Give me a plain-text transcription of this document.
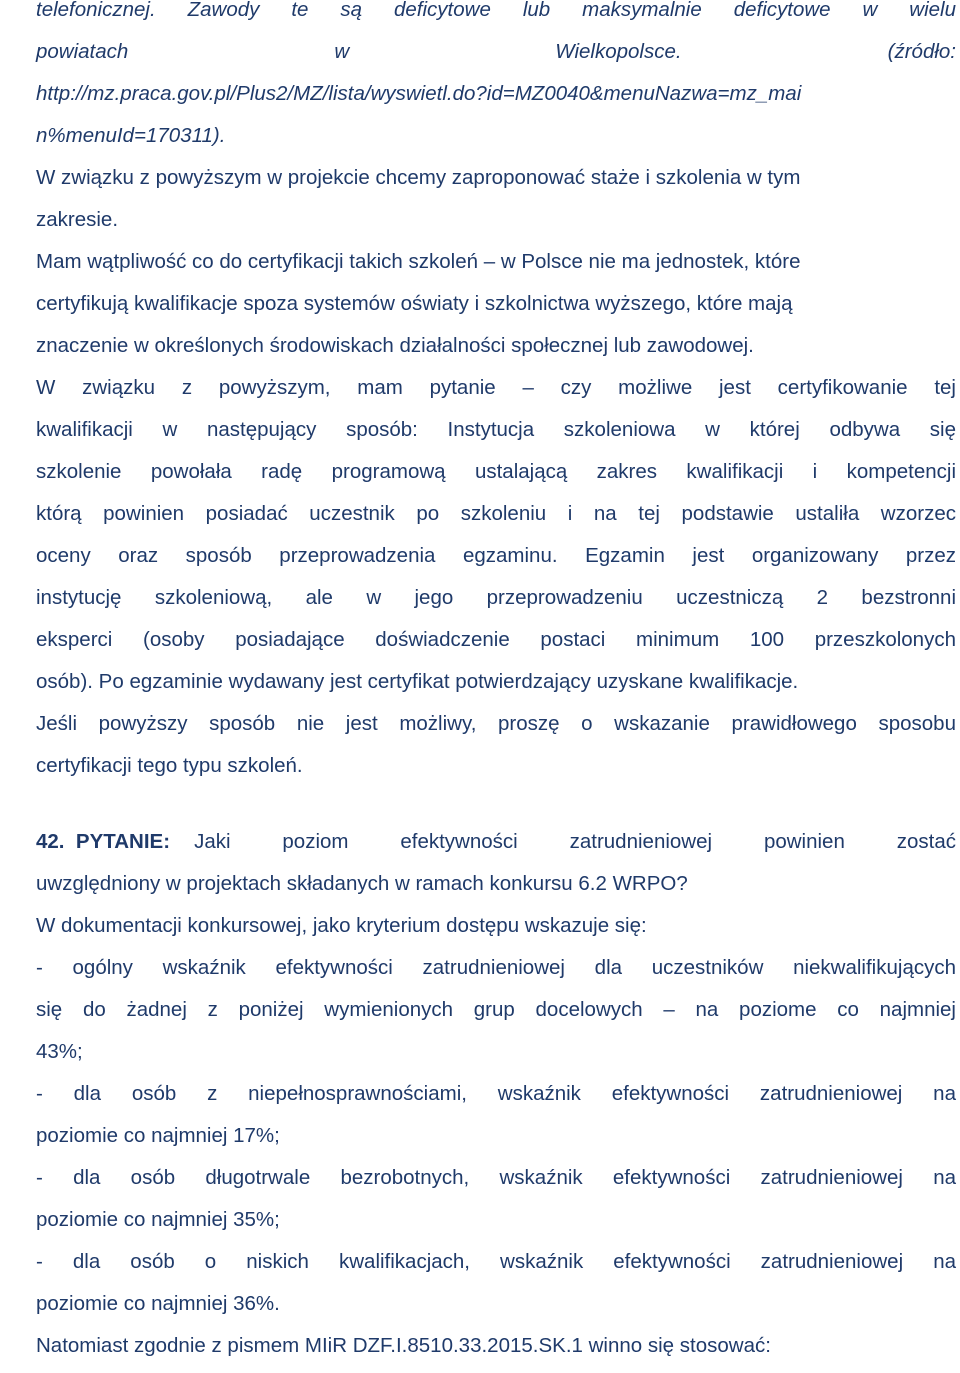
telefonicznej. Zawody te są deficytowe lub maksymalnie deficytowe w wielu
powiatach w Wielkopolsce. (źródło:
http://mz.praca.gov.pl/Plus2/MZ/lista/wyswietl.do?id=MZ0040&menuNazwa=mz_mai
n%menuId=170311).
W związku z powyższym w projekcie chcemy zaproponować staże i szkolenia w tym
zakresie.
Mam wątpliwość co do certyfikacji takich szkoleń – w Polsce nie ma jednostek, które
certyfikują kwalifikacje spoza systemów oświaty i szkolnictwa wyższego, które mają
znaczenie w określonych środowiskach działalności społecznej lub zawodowej.
W związku z powyższym, mam pytanie – czy możliwe jest certyfikowanie tej
kwalifikacji w następujący sposób: Instytucja szkoleniowa w której odbywa się
szkolenie powołała radę programową ustalającą zakres kwalifikacji i kompetencji
którą powinien posiadać uczestnik po szkoleniu i na tej podstawie ustaliła wzorzec
oceny oraz sposób przeprowadzenia egzaminu. Egzamin jest organizowany przez
instytucję szkoleniową, ale w jego przeprowadzeniu uczestniczą 2 bezstronni
eksperci (osoby posiadające doświadczenie postaci minimum 100 przeszkolonych
osób). Po egzaminie wydawany jest certyfikat potwierdzający uzyskane kwalifikacje.
Jeśli powyższy sposób nie jest możliwy, proszę o wskazanie prawidłowego sposobu
certyfikacji tego typu szkoleń.
42. PYTANIE: Jaki poziom efektywności zatrudnieniowej powinien zostać
uwzględniony w projektach składanych w ramach konkursu 6.2 WRPO?
W dokumentacji konkursowej, jako kryterium dostępu wskazuje się:
- ogólny wskaźnik efektywności zatrudnieniowej dla uczestników niekwalifikujących
się do żadnej z poniżej wymienionych grup docelowych – na poziome co najmniej
43%;
- dla osób z niepełnosprawnościami, wskaźnik efektywności zatrudnieniowej na
poziomie co najmniej 17%;
- dla osób długotrwale bezrobotnych, wskaźnik efektywności zatrudnieniowej na
poziomie co najmniej 35%;
- dla osób o niskich kwalifikacjach, wskaźnik efektywności zatrudnieniowej na
poziomie co najmniej 36%.
Natomiast zgodnie z pismem MIiR DZF.I.8510.33.2015.SK.1 winno się stosować:
